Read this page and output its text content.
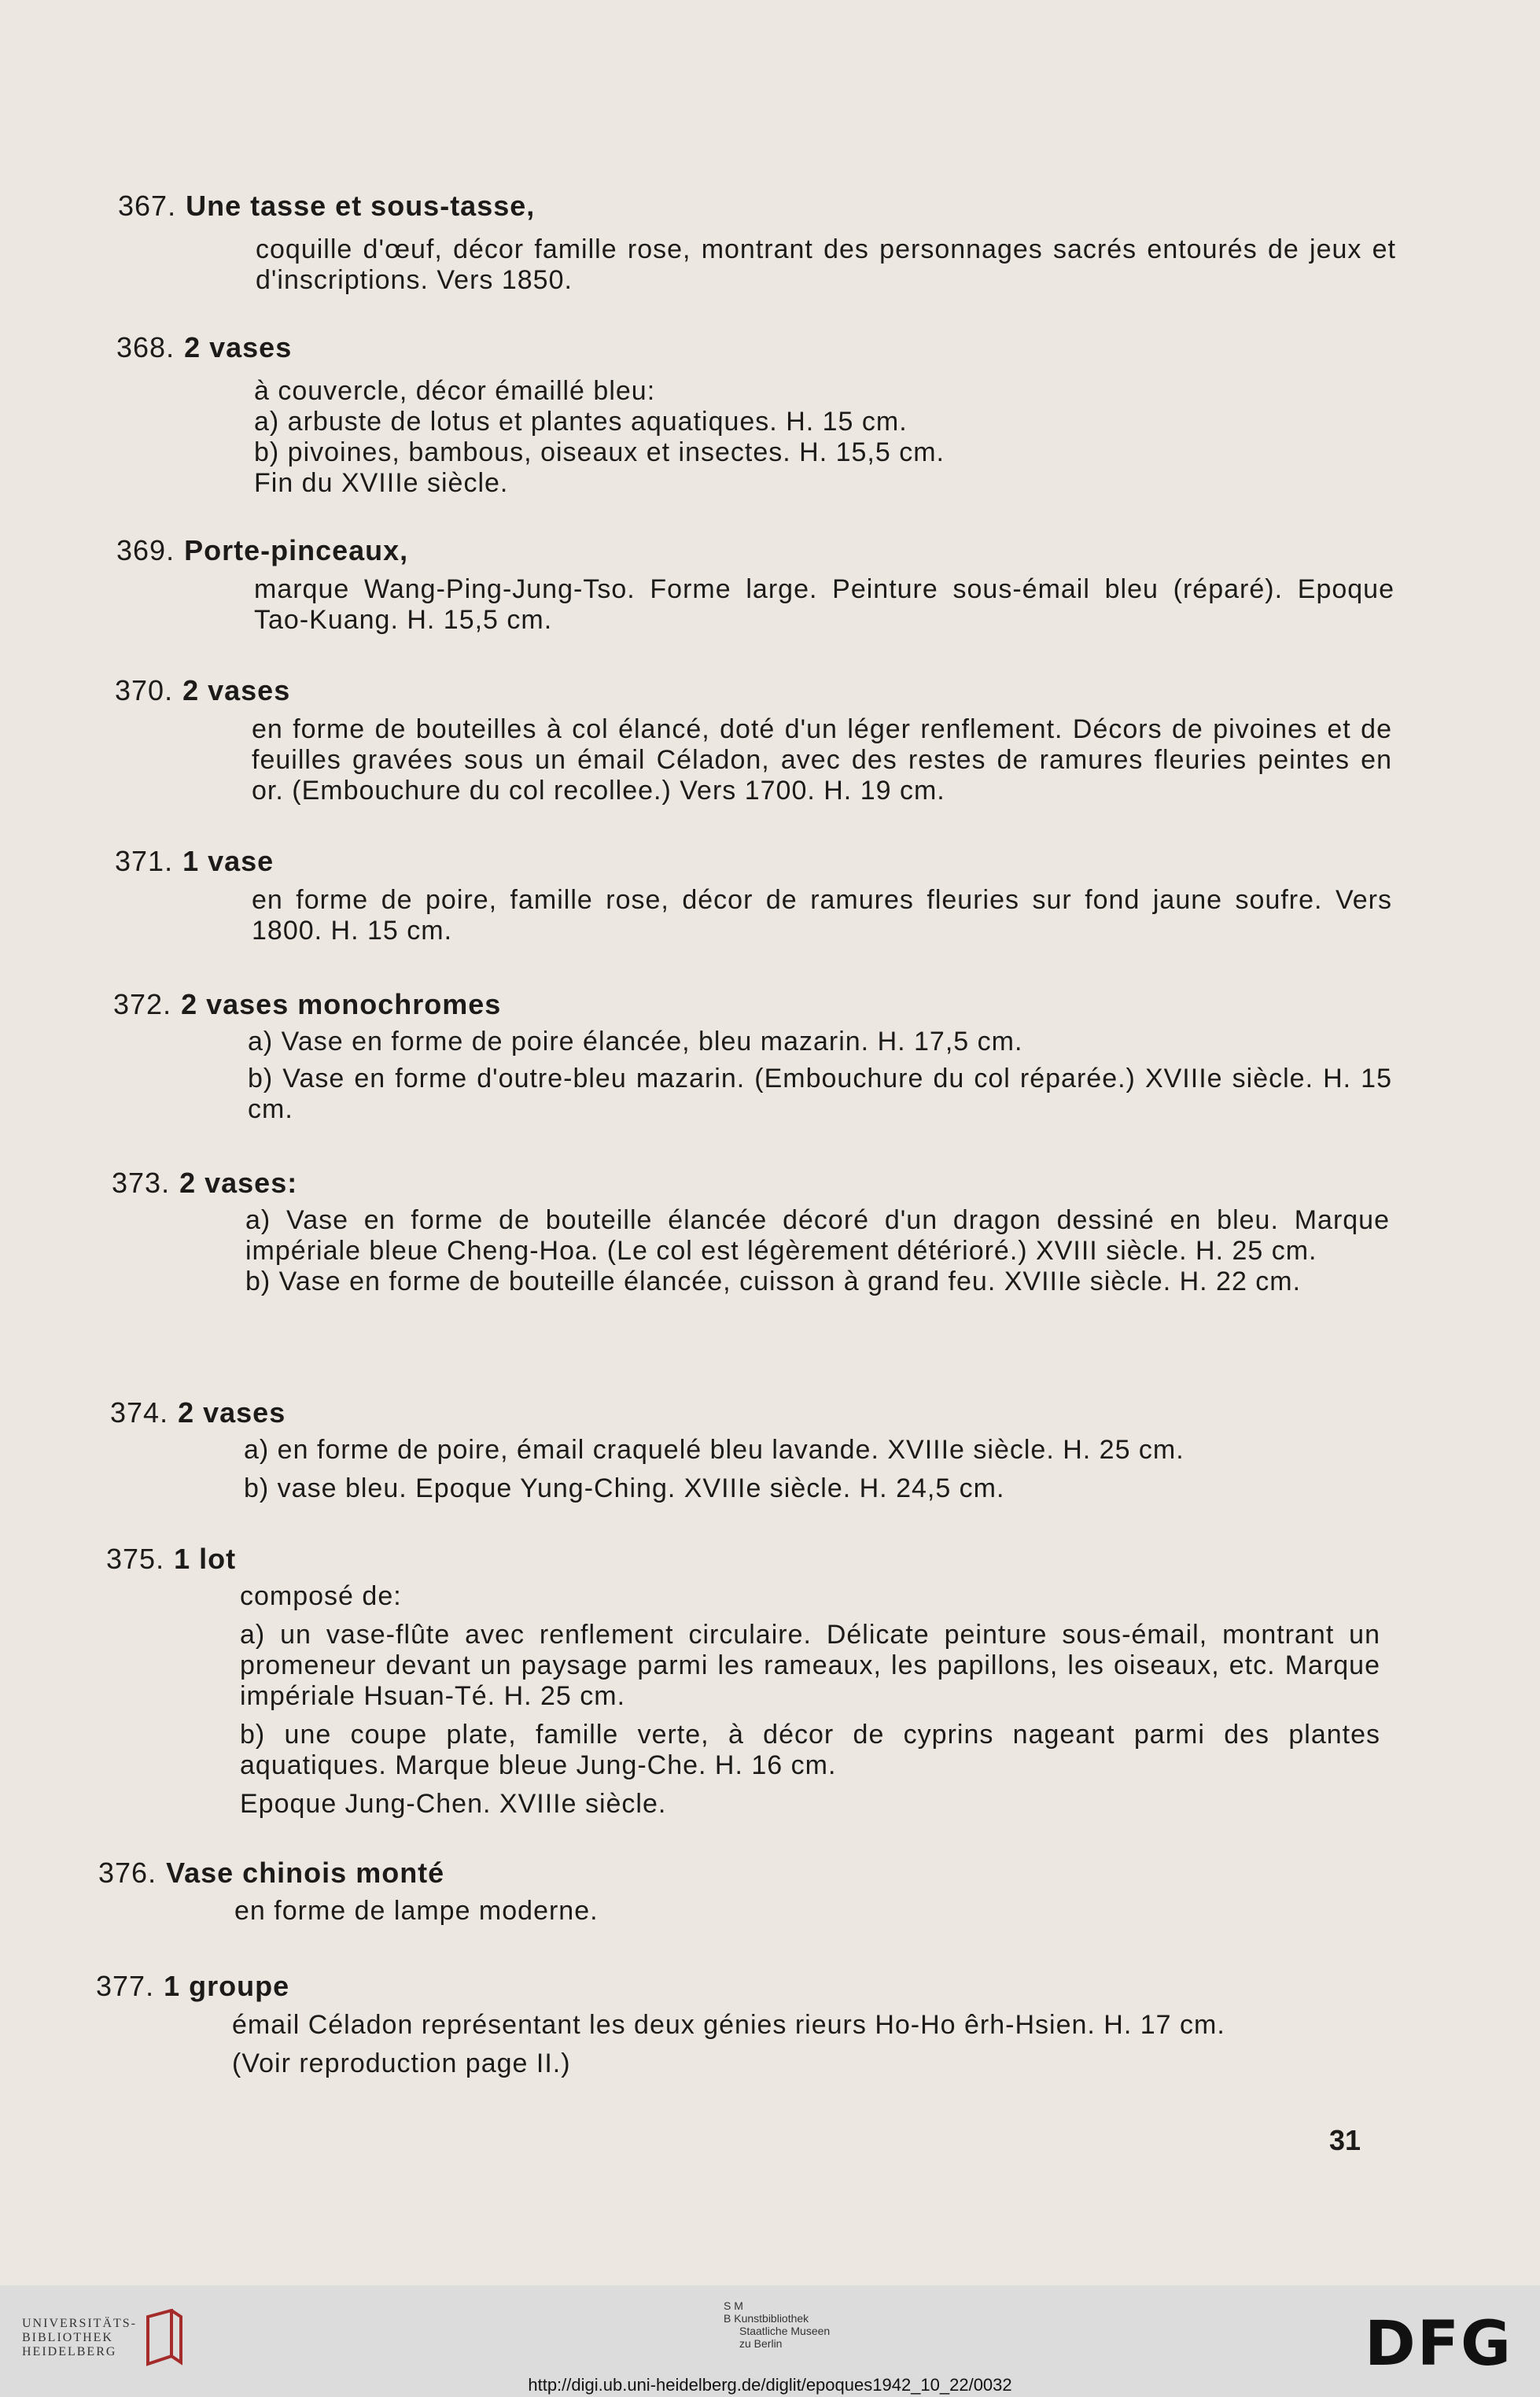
367. Une tasse et sous-tasse,
coquille d'œuf, décor famille rose, montrant des personnages sacrés entourés de jeux et d'inscriptions. Vers 1850.
368. 2 vases
à couvercle, décor émaillé bleu:
a) arbuste de lotus et plantes aquatiques. H. 15 cm.
b) pivoines, bambous, oiseaux et insectes. H. 15,5 cm.
Fin du XVIIIe siècle.
369. Porte-pinceaux,
marque Wang-Ping-Jung-Tso. Forme large. Peinture sous-émail bleu (réparé). Epoque Tao-Kuang. H. 15,5 cm.
370. 2 vases
en forme de bouteilles à col élancé, doté d'un léger renflement. Décors de pivoines et de feuilles gravées sous un émail Céladon, avec des restes de ramures fleuries peintes en or. (Embouchure du col recollee.) Vers 1700. H. 19 cm.
371. 1 vase
en forme de poire, famille rose, décor de ramures fleuries sur fond jaune soufre. Vers 1800. H. 15 cm.
372. 2 vases monochromes
a) Vase en forme de poire élancée, bleu mazarin. H. 17,5 cm.
b) Vase en forme d'outre-bleu mazarin. (Embouchure du col réparée.) XVIIIe siècle. H. 15 cm.
373. 2 vases:
a) Vase en forme de bouteille élancée décoré d'un dragon dessiné en bleu. Marque impériale bleue Cheng-Hoa. (Le col est légèrement détérioré.) XVIII siècle. H. 25 cm.
b) Vase en forme de bouteille élancée, cuisson à grand feu. XVIIIe siècle. H. 22 cm.
374. 2 vases
a) en forme de poire, émail craquelé bleu lavande. XVIIIe siècle. H. 25 cm.
b) vase bleu. Epoque Yung-Ching. XVIIIe siècle. H. 24,5 cm.
375. 1 lot
composé de:
a) un vase-flûte avec renflement circulaire. Délicate peinture sous-émail, montrant un promeneur devant un paysage parmi les rameaux, les papillons, les oiseaux, etc. Marque impériale Hsuan-Té. H. 25 cm.
b) une coupe plate, famille verte, à décor de cyprins nageant parmi des plantes aquatiques. Marque bleue Jung-Che. H. 16 cm.
Epoque Jung-Chen. XVIIIe siècle.
376. Vase chinois monté
en forme de lampe moderne.
377. 1 groupe
émail Céladon représentant les deux génies rieurs Ho-Ho êrh-Hsien. H. 17 cm.
(Voir reproduction page II.)
31
UNIVERSITÄTS-
BIBLIOTHEK
HEIDELBERG
S M
B Kunstbibliothek
Staatliche Museen
zu Berlin	DFG
http://digi.ub.uni-heidelberg.de/diglit/epoques1942_10_22/0032
